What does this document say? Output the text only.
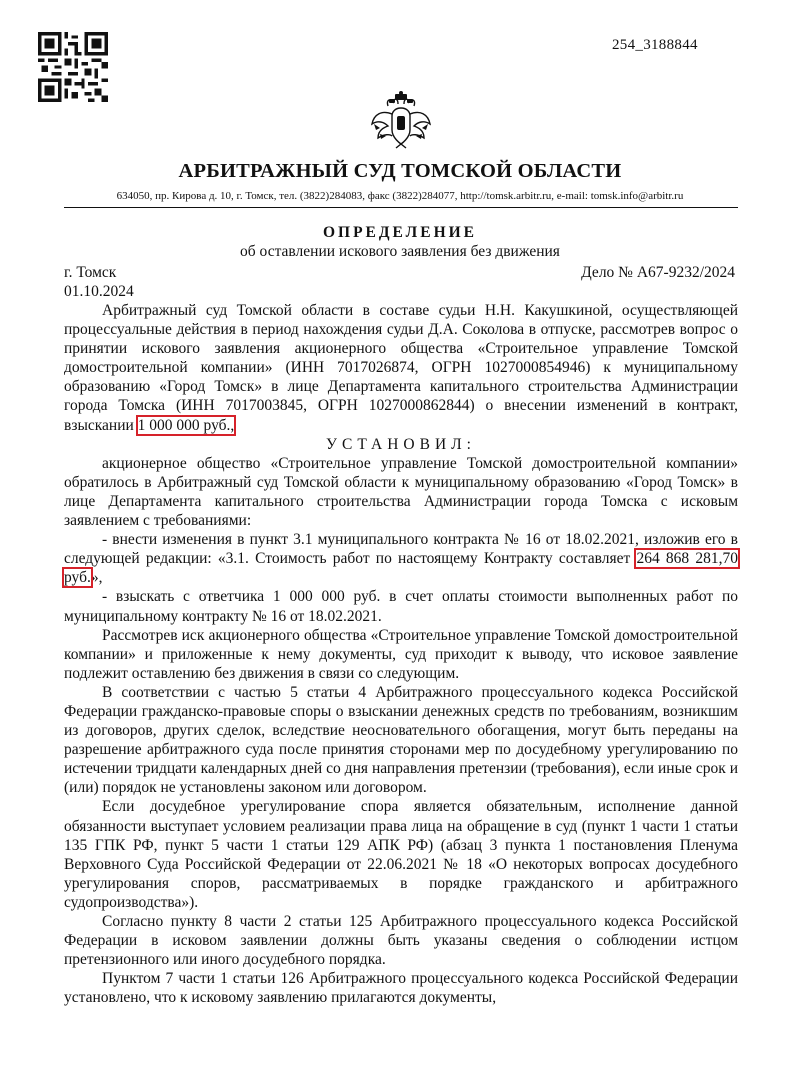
254_3188844
АРБИТРАЖНЫЙ СУД ТОМСКОЙ ОБЛАСТИ
634050, пр. Кирова д. 10, г. Томск, тел. (3822)284083, факс (3822)284077, http://tomsk.arbitr.ru, e-mail: tomsk.info@arbitr.ru
ОПРЕДЕЛЕНИЕ
об оставлении искового заявления без движения
г. Томск	Дело № А67-9232/2024
01.10.2024

Арбитражный суд Томской области в составе судьи Н.Н. Какушкиной, осуществляющей процессуальные действия в период нахождения судьи Д.А. Соколова в отпуске, рассмотрев вопрос о принятии искового заявления акционерного общества «Строительное управление Томской домостроительной компании» (ИНН 7017026874, ОГРН 1027000854946) к муниципальному образованию «Город Томск» в лице Департамента капитального строительства Администрации города Томска (ИНН 7017003845, ОГРН 1027000862844) о внесении изменений в контракт, взыскании 1 000 000 руб.,

УСТАНОВИЛ:

акционерное общество «Строительное управление Томской домостроительной компании» обратилось в Арбитражный суд Томской области к муниципальному образованию «Город Томск» в лице Департамента капитального строительства Администрации города Томска с исковым заявлением с требованиями:

- внести изменения в пункт 3.1 муниципального контракта № 16 от 18.02.2021, изложив его в следующей редакции: «3.1. Стоимость работ по настоящему Контракту составляет 264 868 281,70 руб.»,

- взыскать с ответчика 1 000 000 руб. в счет оплаты стоимости выполненных работ по муниципальному контракту № 16 от 18.02.2021.

Рассмотрев иск акционерного общества «Строительное управление Томской домостроительной компании» и приложенные к нему документы, суд приходит к выводу, что исковое заявление подлежит оставлению без движения в связи со следующим.

В соответствии с частью 5 статьи 4 Арбитражного процессуального кодекса Российской Федерации гражданско-правовые споры о взыскании денежных средств по требованиям, возникшим из договоров, других сделок, вследствие неосновательного обогащения, могут быть переданы на разрешение арбитражного суда после принятия сторонами мер по досудебному урегулированию по истечении тридцати календарных дней со дня направления претензии (требования), если иные срок и (или) порядок не установлены законом или договором.

Если досудебное урегулирование спора является обязательным, исполнение данной обязанности выступает условием реализации права лица на обращение в суд (пункт 1 части 1 статьи 135 ГПК РФ, пункт 5 части 1 статьи 129 АПК РФ) (абзац 3 пункта 1 постановления Пленума Верховного Суда Российской Федерации от 22.06.2021 № 18 «О некоторых вопросах досудебного урегулирования споров, рассматриваемых в порядке гражданского и арбитражного судопроизводства»).

Согласно пункту 8 части 2 статьи 125 Арбитражного процессуального кодекса Российской Федерации в исковом заявлении должны быть указаны сведения о соблюдении истцом претензионного или иного досудебного порядка.

Пунктом 7 части 1 статьи 126 Арбитражного процессуального кодекса Российской Федерации установлено, что к исковому заявлению прилагаются документы,
